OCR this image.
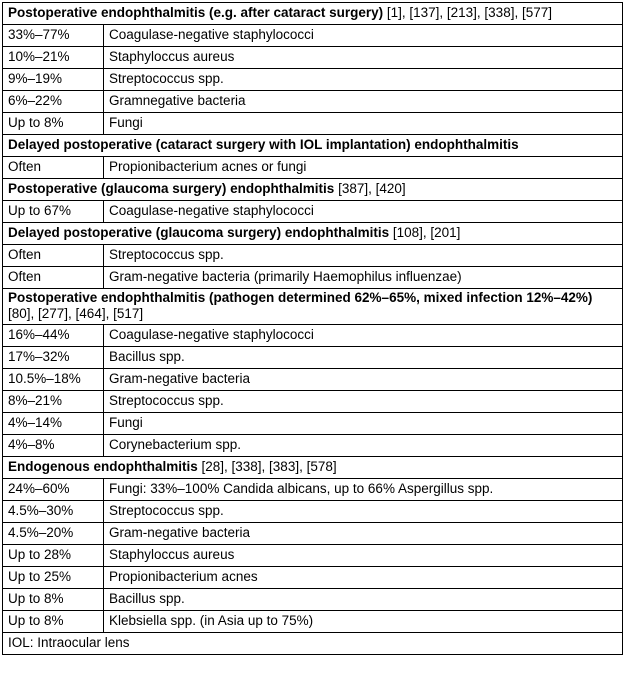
Postoperative endophthalmitis (e.g. after cataract surgery) [1], [137], [213], [338], [577]	
33%–77%	Coagulase-negative staphylococci
10%–21%	Staphyloccus aureus
9%–19%	Streptococcus spp.
6%–22%	Gramnegative bacteria
Up to 8%	Fungi
Delayed postoperative (cataract surgery with IOL implantation) endophthalmitis	
Often	Propionibacterium acnes or fungi
Postoperative (glaucoma surgery) endophthalmitis [387], [420]	
Up to 67%	Coagulase-negative staphylococci
Delayed postoperative (glaucoma surgery) endophthalmitis [108], [201]	
Often	Streptococcus spp.
Often	Gram-negative bacteria (primarily Haemophilus influenzae)
Postoperative endophthalmitis (pathogen determined 62%–65%, mixed infection 12%–42%) [80], [277], [464], [517]	
16%–44%	Coagulase-negative staphylococci
17%–32%	Bacillus spp.
10.5%–18%	Gram-negative bacteria
8%–21%	Streptococcus spp.
4%–14%	Fungi
4%–8%	Corynebacterium spp.
Endogenous endophthalmitis [28], [338], [383], [578]	
24%–60%	Fungi: 33%–100% Candida albicans, up to 66% Aspergillus spp.
4.5%–30%	Streptococcus spp.
4.5%–20%	Gram-negative bacteria
Up to 28%	Staphyloccus aureus
Up to 25%	Propionibacterium acnes
Up to 8%	Bacillus spp.
Up to 8%	Klebsiella spp. (in Asia up to 75%)
IOL: Intraocular lens	
